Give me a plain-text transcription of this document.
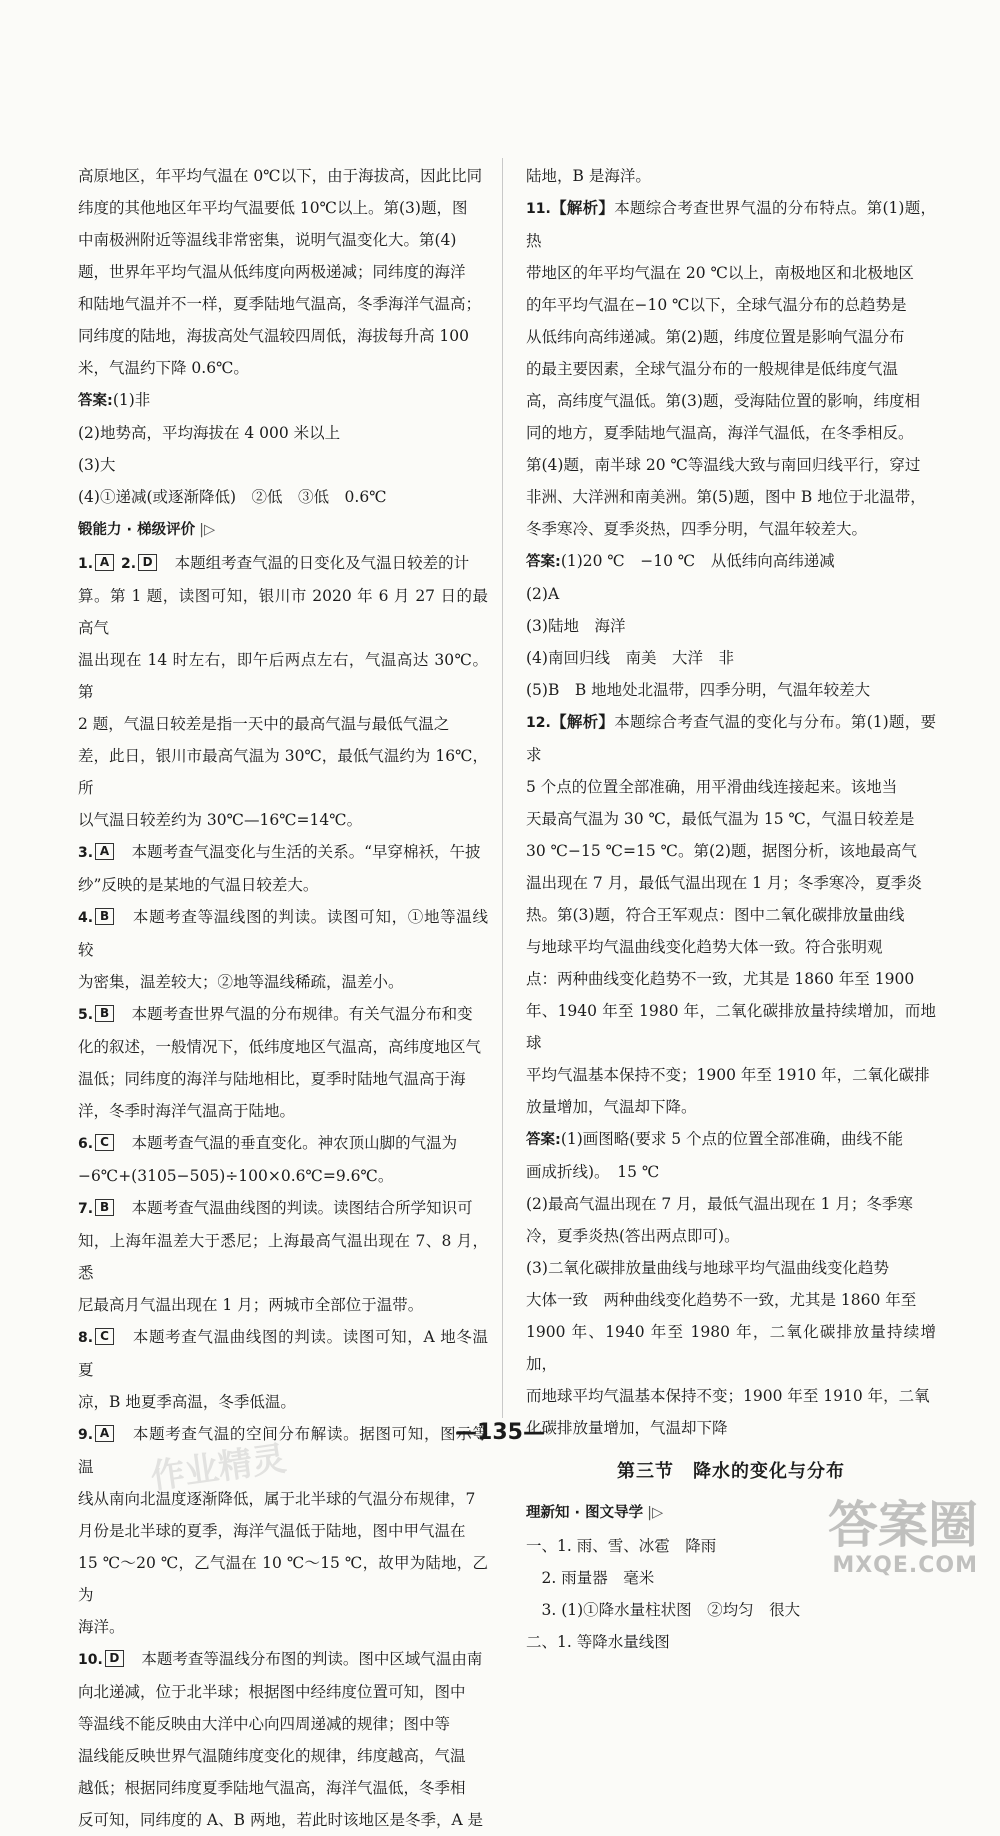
高原地区，年平均气温在 0℃以下，由于海拔高，因此比同

纬度的其他地区年平均气温要低 10℃以上。第(3)题，图

中南极洲附近等温线非常密集，说明气温变化大。第(4)

题，世界年平均气温从低纬度向两极递减；同纬度的海洋

和陆地气温并不一样，夏季陆地气温高，冬季海洋气温高；

同纬度的陆地，海拔高处气温较四周低，海拔每升高 100

米，气温约下降 0.6℃。

答案:(1)非

(2)地势高，平均海拔在 4 000 米以上

(3)大

(4)①递减(或逐渐降低)　②低　③低　0.6℃

锻能力 · 梯级评价 |▷

1. A 2. D　 本题组考查气温的日变化及气温日较差的计

算。第 1 题，读图可知，银川市 2020 年 6 月 27 日的最高气

温出现在 14 时左右，即午后两点左右，气温高达 30℃。第

2 题，气温日较差是指一天中的最高气温与最低气温之

差，此日，银川市最高气温为 30℃，最低气温约为 16℃，所

以气温日较差约为 30℃—16℃=14℃。

3. A　 本题考查气温变化与生活的关系。“早穿棉袄，午披

纱”反映的是某地的气温日较差大。

4. B　 本题考查等温线图的判读。读图可知，①地等温线较

为密集，温差较大；②地等温线稀疏，温差小。

5. B　 本题考查世界气温的分布规律。有关气温分布和变

化的叙述，一般情况下，低纬度地区气温高，高纬度地区气

温低；同纬度的海洋与陆地相比，夏季时陆地气温高于海

洋，冬季时海洋气温高于陆地。

6. C　 本题考查气温的垂直变化。神农顶山脚的气温为

−6℃+(3105−505)÷100×0.6℃=9.6℃。

7. B　 本题考查气温曲线图的判读。读图结合所学知识可

知，上海年温差大于悉尼；上海最高气温出现在 7、8 月，悉

尼最高月气温出现在 1 月；两城市全部位于温带。

8. C　 本题考查气温曲线图的判读。读图可知，A 地冬温夏

凉，B 地夏季高温，冬季低温。

9. A　 本题考查气温的空间分布解读。据图可知，图示等温

线从南向北温度逐渐降低，属于北半球的气温分布规律，7

月份是北半球的夏季，海洋气温低于陆地，图中甲气温在

15 ℃～20 ℃，乙气温在 10 ℃～15 ℃，故甲为陆地，乙为

海洋。

10. D　 本题考查等温线分布图的判读。图中区域气温由南

向北递减，位于北半球；根据图中经纬度位置可知，图中

等温线不能反映由大洋中心向四周递减的规律；图中等

温线能反映世界气温随纬度变化的规律，纬度越高，气温

越低；根据同纬度夏季陆地气温高，海洋气温低，冬季相

反可知，同纬度的 A、B 两地，若此时该地区是冬季，A 是

陆地，B 是海洋。

11.【解析】本题综合考查世界气温的分布特点。第(1)题，热

带地区的年平均气温在 20 ℃以上，南极地区和北极地区

的年平均气温在−10 ℃以下，全球气温分布的总趋势是

从低纬向高纬递减。第(2)题，纬度位置是影响气温分布

的最主要因素，全球气温分布的一般规律是低纬度气温

高，高纬度气温低。第(3)题，受海陆位置的影响，纬度相

同的地方，夏季陆地气温高，海洋气温低，在冬季相反。

第(4)题，南半球 20 ℃等温线大致与南回归线平行，穿过

非洲、大洋洲和南美洲。第(5)题，图中 B 地位于北温带，

冬季寒冷、夏季炎热，四季分明，气温年较差大。

答案:(1)20 ℃　−10 ℃　从低纬向高纬递减

(2)A

(3)陆地　海洋

(4)南回归线　南美　大洋　非

(5)B　B 地地处北温带，四季分明，气温年较差大

12.【解析】本题综合考查气温的变化与分布。第(1)题，要求

5 个点的位置全部准确，用平滑曲线连接起来。该地当

天最高气温为 30 ℃，最低气温为 15 ℃，气温日较差是

30 ℃−15 ℃=15 ℃。第(2)题，据图分析，该地最高气

温出现在 7 月，最低气温出现在 1 月；冬季寒冷，夏季炎

热。第(3)题，符合王军观点：图中二氧化碳排放量曲线

与地球平均气温曲线变化趋势大体一致。符合张明观

点：两种曲线变化趋势不一致，尤其是 1860 年至 1900

年、1940 年至 1980 年，二氧化碳排放量持续增加，而地球

平均气温基本保持不变；1900 年至 1910 年，二氧化碳排

放量增加，气温却下降。

答案:(1)画图略(要求 5 个点的位置全部准确，曲线不能

画成折线)。　15 ℃

(2)最高气温出现在 7 月，最低气温出现在 1 月；冬季寒

冷，夏季炎热(答出两点即可)。

(3)二氧化碳排放量曲线与地球平均气温曲线变化趋势

大体一致　两种曲线变化趋势不一致，尤其是 1860 年至

1900 年、1940 年至 1980 年，二氧化碳排放量持续增加，

而地球平均气温基本保持不变；1900 年至 1910 年，二氧

化碳排放量增加，气温却下降

第三节　降水的变化与分布
理新知 · 图文导学 |▷

一、1. 雨、雪、冰雹　降雨

　2. 雨量器　毫米

　3. (1)①降水量柱状图　②均匀　很大

二、1. 等降水量线图

—135—
作业精灵
答案圈
MXQE.COM
